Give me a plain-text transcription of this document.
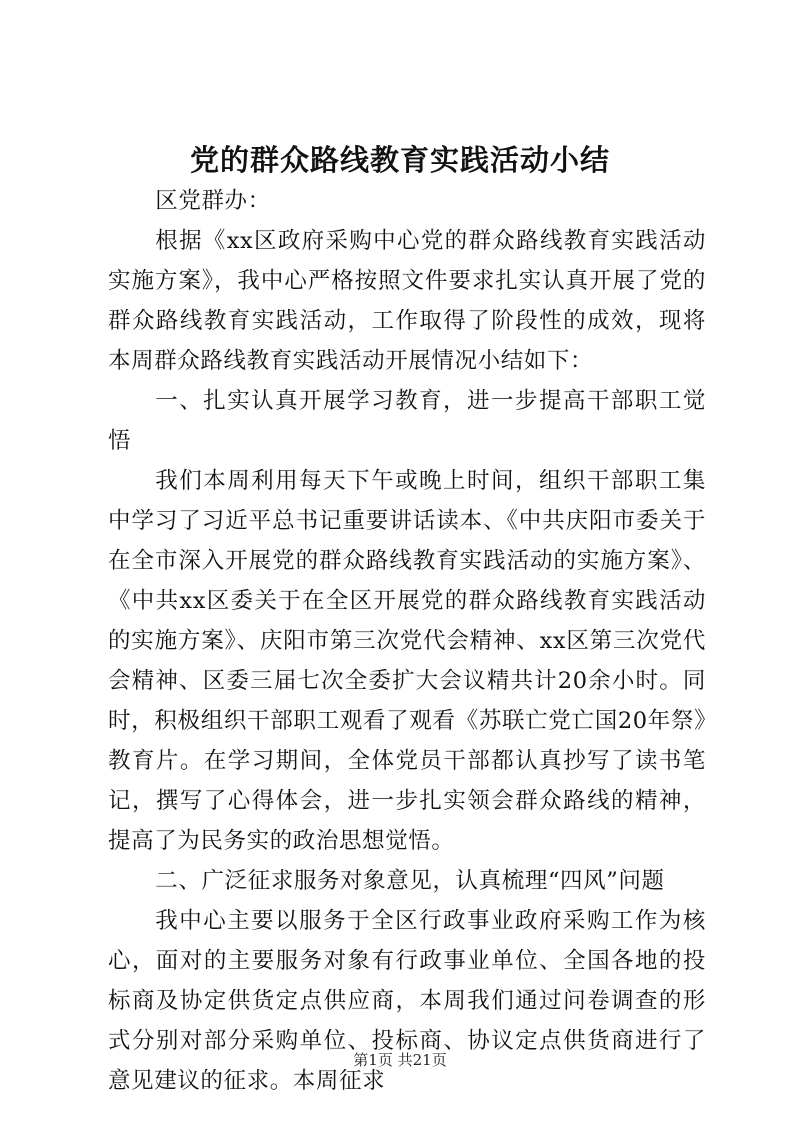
党的群众路线教育实践活动小结

区党群办：

根据《xx区政府采购中心党的群众路线教育实践活动实施方案》，我中心严格按照文件要求扎实认真开展了党的群众路线教育实践活动，工作取得了阶段性的成效，现将本周群众路线教育实践活动开展情况小结如下：

一、扎实认真开展学习教育，进一步提高干部职工觉悟

我们本周利用每天下午或晚上时间，组织干部职工集中学习了习近平总书记重要讲话读本、《中共庆阳市委关于在全市深入开展党的群众路线教育实践活动的实施方案》、《中共xx区委关于在全区开展党的群众路线教育实践活动的实施方案》、庆阳市第三次党代会精神、xx区第三次党代会精神、区委三届七次全委扩大会议精共计20余小时。同时，积极组织干部职工观看了观看《苏联亡党亡国20年祭》教育片。在学习期间，全体党员干部都认真抄写了读书笔记，撰写了心得体会，进一步扎实领会群众路线的精神，提高了为民务实的政治思想觉悟。

二、广泛征求服务对象意见，认真梳理“四风”问题

我中心主要以服务于全区行政事业政府采购工作为核心，面对的主要服务对象有行政事业单位、全国各地的投标商及协定供货定点供应商，本周我们通过问卷调查的形式分别对部分采购单位、投标商、协议定点供货商进行了意见建议的征求。本周征求

第1页 共21页
